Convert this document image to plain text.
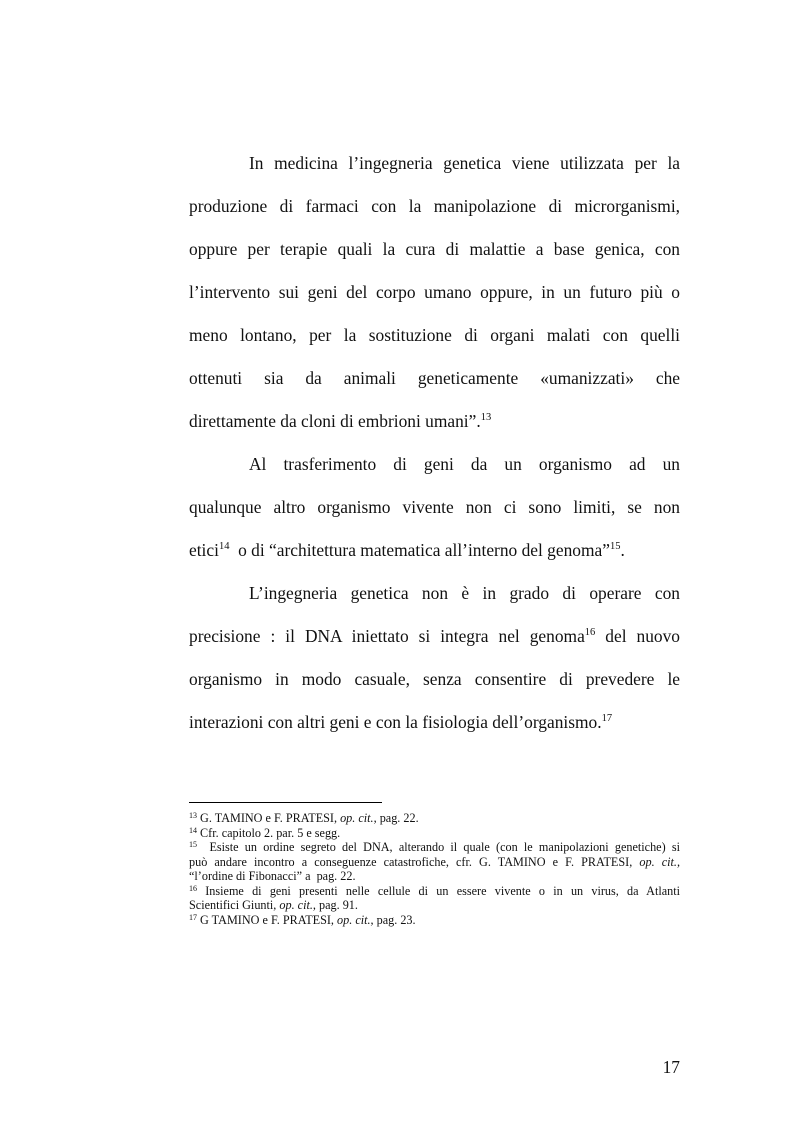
In medicina l’ingegneria genetica viene utilizzata per la
produzione di farmaci con la manipolazione di microrganismi,
oppure per terapie quali la cura di malattie a base genica, con
l’intervento sui geni del corpo umano oppure, in un futuro più o
meno lontano, per la sostituzione di organi malati con quelli
ottenuti sia da animali geneticamente «umanizzati» che
direttamente da cloni di embrioni umani”.$^{13}$
Al trasferimento di geni da un organismo ad un
qualunque altro organismo vivente non ci sono limiti, se non
etici$^{14}$  o di “architettura matematica all’interno del genoma”$^{15}$.
L’ingegneria genetica non è in grado di operare con
precisione : il DNA iniettato si integra nel genoma$^{16}$ del nuovo
organismo in modo casuale, senza consentire di prevedere le
interazioni con altri geni e con la fisiologia dell’organismo.$^{17}$
$^{13}$ G. TAMINO e F. PRATESI, op. cit., pag. 22.
$^{14}$ Cfr. capitolo 2. par. 5 e segg.
$^{15}$  Esiste un ordine segreto del DNA, alterando il quale (con le manipolazioni genetiche) si
può andare incontro a conseguenze catastrofiche, cfr. G. TAMINO e F. PRATESI, op. cit.,
“l’ordine di Fibonacci” a  pag. 22.
$^{16}$ Insieme di geni presenti nelle cellule di un essere vivente o in un virus, da Atlanti
Scientifici Giunti, op. cit., pag. 91.
$^{17}$ G TAMINO e F. PRATESI, op. cit., pag. 23.
17
